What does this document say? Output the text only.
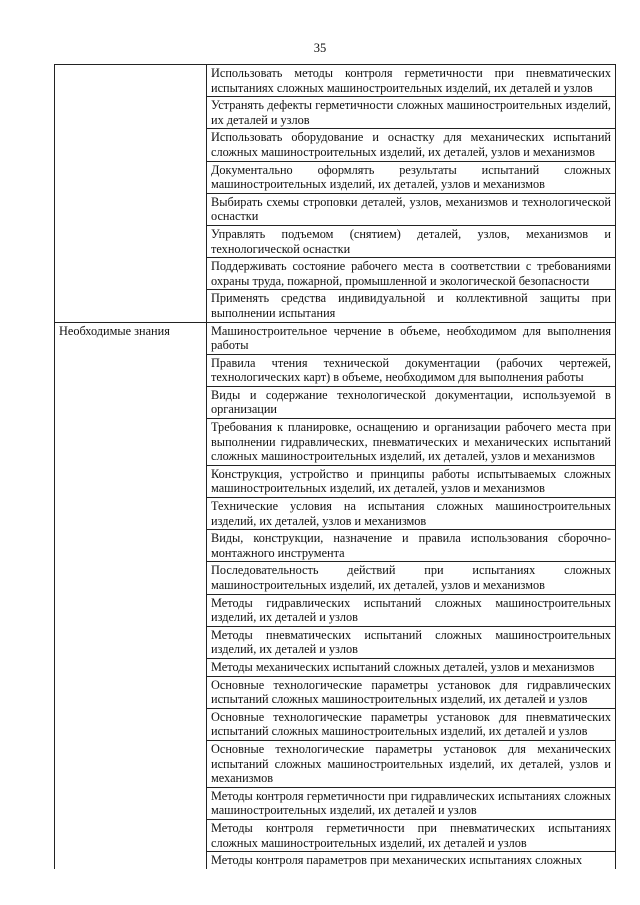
35
	Использовать методы контроля герметичности при пневматических испытаниях сложных машиностроительных изделий, их деталей и узлов
	Устранять дефекты герметичности сложных машиностроительных изделий, их деталей и узлов
	Использовать оборудование и оснастку для механических испытаний сложных машиностроительных изделий, их деталей, узлов и механизмов
	Документально оформлять результаты испытаний сложных машиностроительных изделий, их деталей, узлов и механизмов
	Выбирать схемы строповки деталей, узлов, механизмов и технологической оснастки
	Управлять подъемом (снятием) деталей, узлов, механизмов и технологической оснастки
	Поддерживать состояние рабочего места в соответствии с требованиями охраны труда, пожарной, промышленной и экологической безопасности
	Применять средства индивидуальной и коллективной защиты при выполнении испытания
Необходимые знания	Машиностроительное черчение в объеме, необходимом для выполнения работы
	Правила чтения технической документации (рабочих чертежей, технологических карт) в объеме, необходимом для выполнения работы
	Виды и содержание технологической документации, используемой в организации
	Требования к планировке, оснащению и организации рабочего места при выполнении гидравлических, пневматических и механических испытаний сложных машиностроительных изделий, их деталей, узлов и механизмов
	Конструкция, устройство и принципы работы испытываемых сложных машиностроительных изделий, их деталей, узлов и механизмов
	Технические условия на испытания сложных машиностроительных изделий, их деталей, узлов и механизмов
	Виды, конструкции, назначение и правила использования сборочно-монтажного инструмента
	Последовательность действий при испытаниях сложных машиностроительных изделий, их деталей, узлов и механизмов
	Методы гидравлических испытаний сложных машиностроительных изделий, их деталей и узлов
	Методы пневматических испытаний сложных машиностроительных изделий, их деталей и узлов
	Методы механических испытаний сложных деталей, узлов и механизмов
	Основные технологические параметры установок для гидравлических испытаний сложных машиностроительных изделий, их деталей и узлов
	Основные технологические параметры установок для пневматических испытаний сложных машиностроительных изделий, их деталей и узлов
	Основные технологические параметры установок для механических испытаний сложных машиностроительных изделий, их деталей, узлов и механизмов
	Методы контроля герметичности при гидравлических испытаниях сложных машиностроительных изделий, их деталей и узлов
	Методы контроля герметичности при пневматических испытаниях сложных машиностроительных изделий, их деталей и узлов
	Методы контроля параметров при механических испытаниях сложных
